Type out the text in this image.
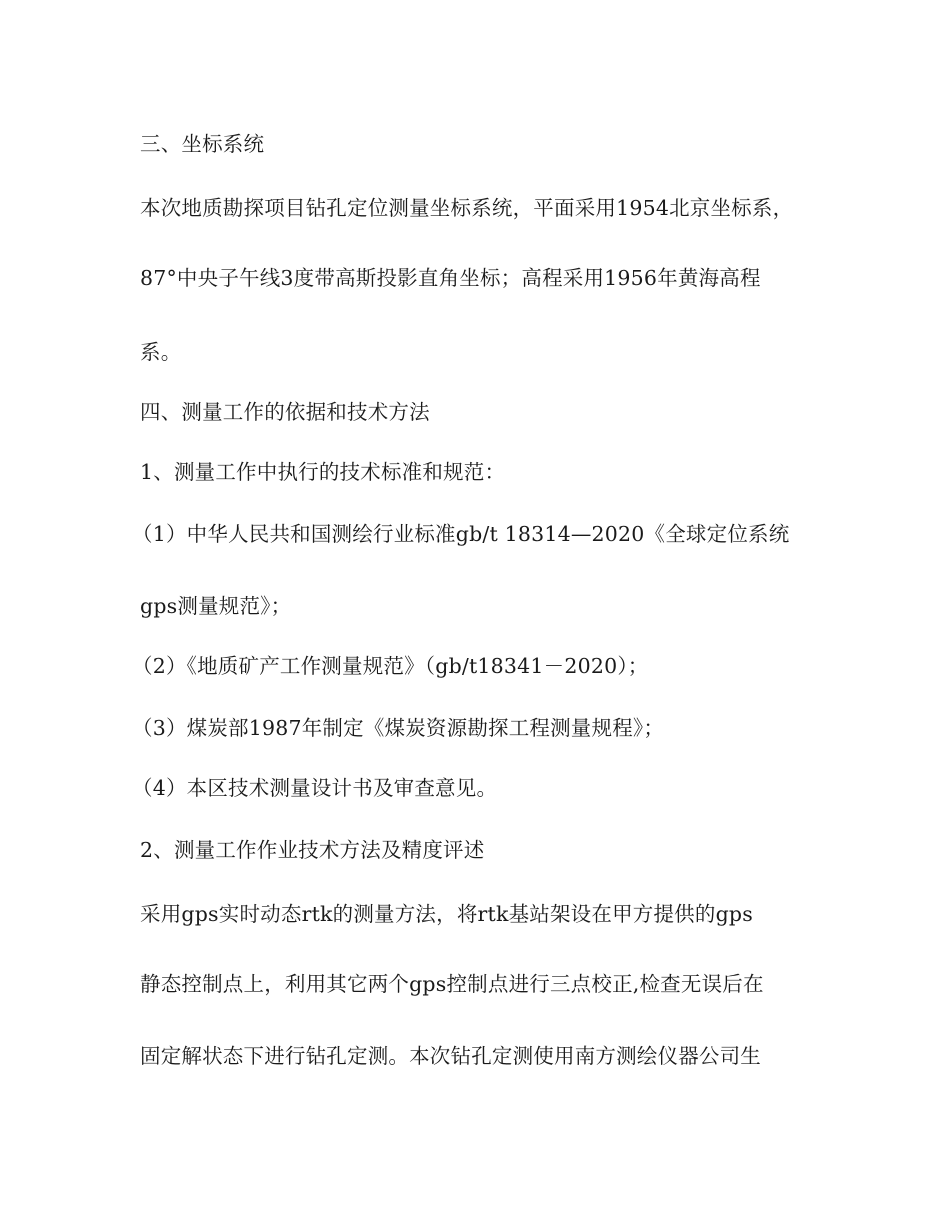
三、坐标系统
本次地质勘探项目钻孔定位测量坐标系统，平面采用1954北京坐标系，
87°中央子午线3度带高斯投影直角坐标；高程采用1956年黄海高程
系。
四、测量工作的依据和技术方法
1、测量工作中执行的技术标准和规范：
（1）中华人民共和国测绘行业标准gb/t 18314—2020《全球定位系统
gps测量规范》；
（2）《地质矿产工作测量规范》（gb/t18341－2020）；
（3）煤炭部1987年制定《煤炭资源勘探工程测量规程》；
（4）本区技术测量设计书及审查意见。
2、测量工作作业技术方法及精度评述
采用gps实时动态rtk的测量方法，将rtk基站架设在甲方提供的gps
静态控制点上，利用其它两个gps控制点进行三点校正,检查无误后在
固定解状态下进行钻孔定测。本次钻孔定测使用南方测绘仪器公司生
